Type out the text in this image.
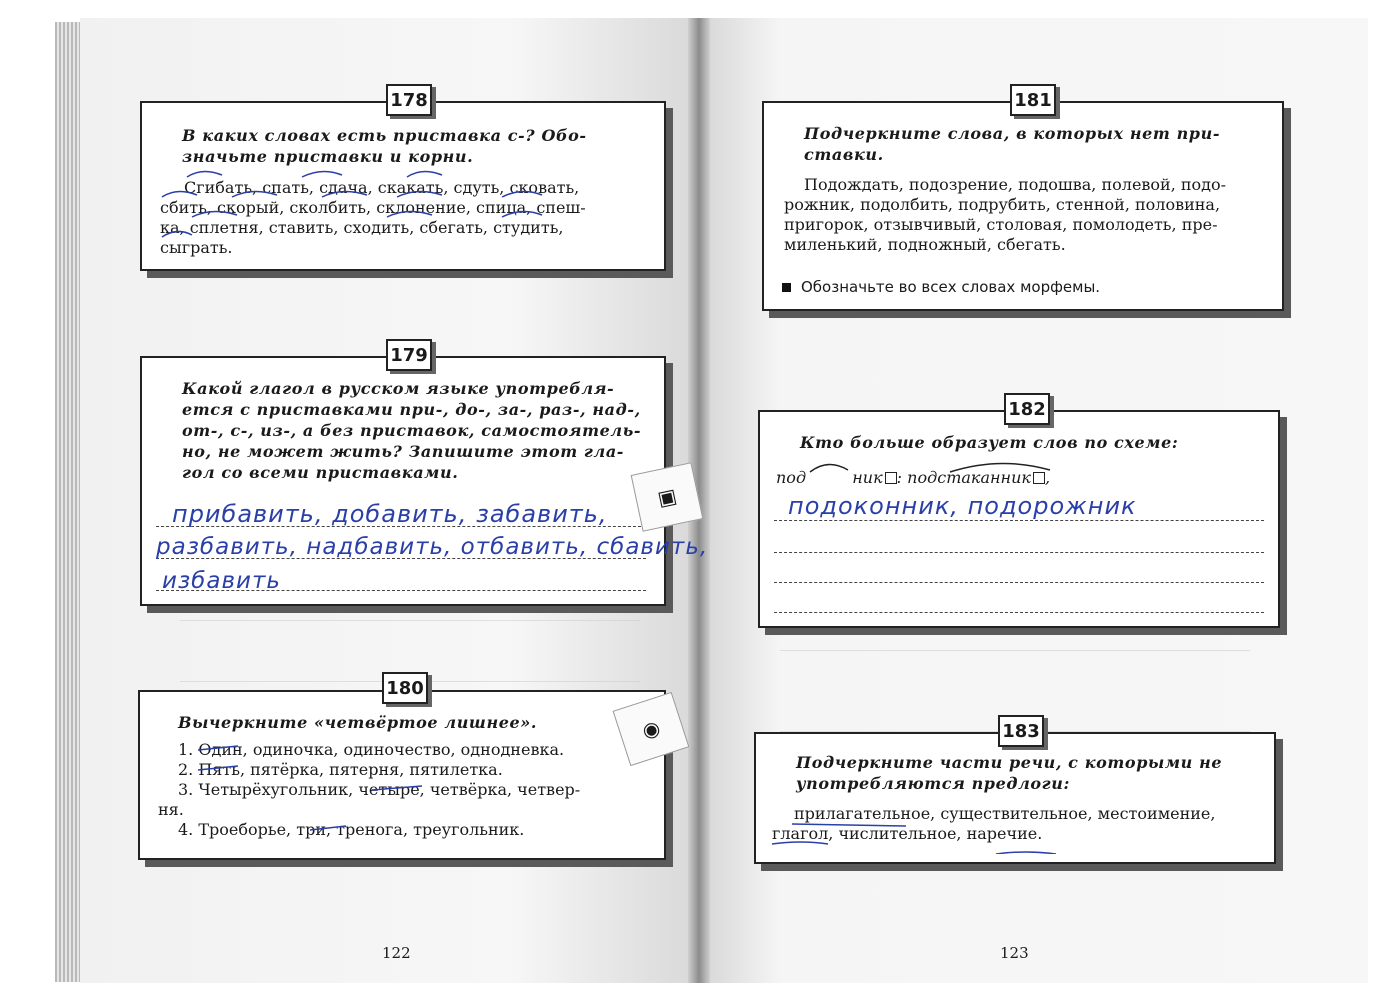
В каких словах есть приставка с-? Обо-
значьте приставки и корни.
Сгибать, спать, сдача, скакать, сдуть, сковать,
сбить, скорый, сколбить, склонение, спица, спеш-
ка, сплетня, ставить, сходить, сбегать, студить,
сыграть.
178
Какой глагол в русском языке употребля-
ется с приставками при-, до-, за-, раз-, над-,
от-, с-, из-, а без приставок, самостоятель-
но, не может жить? Запишите этот гла-
гол со всеми приставками.
прибавить, добавить, забавить,
разбавить, надбавить, отбавить, сбавить,
избавить
179
▣
Вычеркните «четвёртое лишнее».
1. Один, одиночка, одиночество, однодневка.
2. Пять, пятёрка, пятерня, пятилетка.
3. Четырёхугольник, четыре, четвёрка, четвер-
ня.
4. Троеборье, три, тренога, треугольник.
180
◉
122
Подчеркните слова, в которых нет при-
ставки.
Подождать, подозрение, подошва, полевой, подо-
рожник, подолбить, подрубить, стенной, половина,
пригорок, отзывчивый, столовая, помолодеть, пре-
миленький, подножный, сбегать.
Обозначьте во всех словах морфемы.
181
Кто больше образует слов по схеме:
под	ник : подстаканник ,
подоконник, подорожник
182
Подчеркните части речи, с которыми не
употребляются предлоги:
прилагательное, существительное, местоимение,
глагол, числительное, наречие.
183
123
